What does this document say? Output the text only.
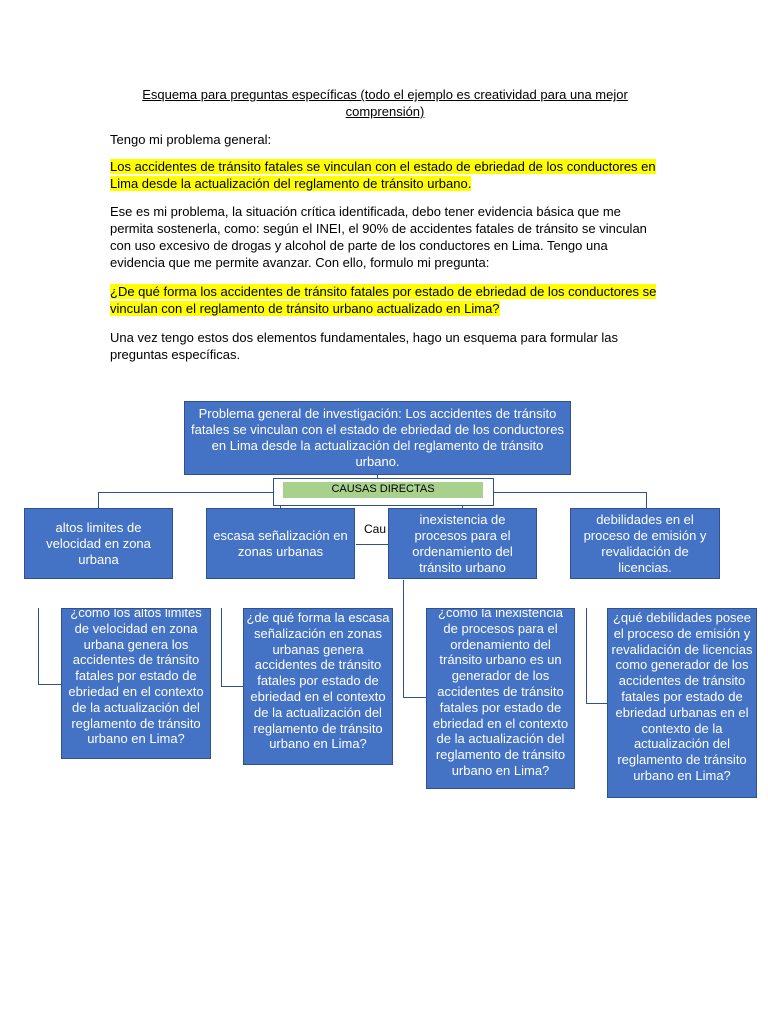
Esquema para preguntas específicas (todo el ejemplo es creatividad para una mejor comprensión)

Tengo mi problema general:

Los accidentes de tránsito fatales se vinculan con el estado de ebriedad de los conductores en Lima desde la actualización del reglamento de tránsito urbano.

Ese es mi problema, la situación crítica identificada, debo tener evidencia básica que me permita sostenerla, como: según el INEI, el 90% de accidentes fatales de tránsito se vinculan con uso excesivo de drogas y alcohol de parte de los conductores en Lima. Tengo una evidencia que me permite avanzar. Con ello, formulo mi pregunta:

¿De qué forma los accidentes de tránsito fatales por estado de ebriedad de los conductores se vinculan con el reglamento de tránsito urbano actualizado en Lima?

Una vez tengo estos dos elementos fundamentales, hago un esquema para formular las preguntas específicas.

Problema general de investigación: Los accidentes de tránsito fatales se vinculan con el estado de ebriedad de los conductores en Lima desde la actualización del reglamento de tránsito urbano.
CAUSAS DIRECTAS
Cau
altos limites de velocidad en zona urbana
escasa señalización en zonas urbanas
inexistencia de procesos para el ordenamiento del tránsito urbano
debilidades en el proceso de emisión y revalidación de licencias.
¿como los altos limites de velocidad en zona urbana genera los accidentes de tránsito fatales por estado de ebriedad en el contexto de la actualización del reglamento de tránsito urbano en Lima?
¿de qué forma la escasa señalización en zonas urbanas genera accidentes de tránsito fatales por estado de ebriedad en el contexto de la actualización del reglamento de tránsito urbano en Lima?
¿como la inexistencia de procesos para el ordenamiento del tránsito urbano es un generador de los accidentes de tránsito fatales por estado de ebriedad en el contexto de la actualización del reglamento de tránsito urbano en Lima?
¿qué debilidades posee el proceso de emisión y revalidación de licencias como generador de los accidentes de tránsito fatales por estado de ebriedad urbanas en el contexto de la actualización del reglamento de tránsito urbano en Lima?
